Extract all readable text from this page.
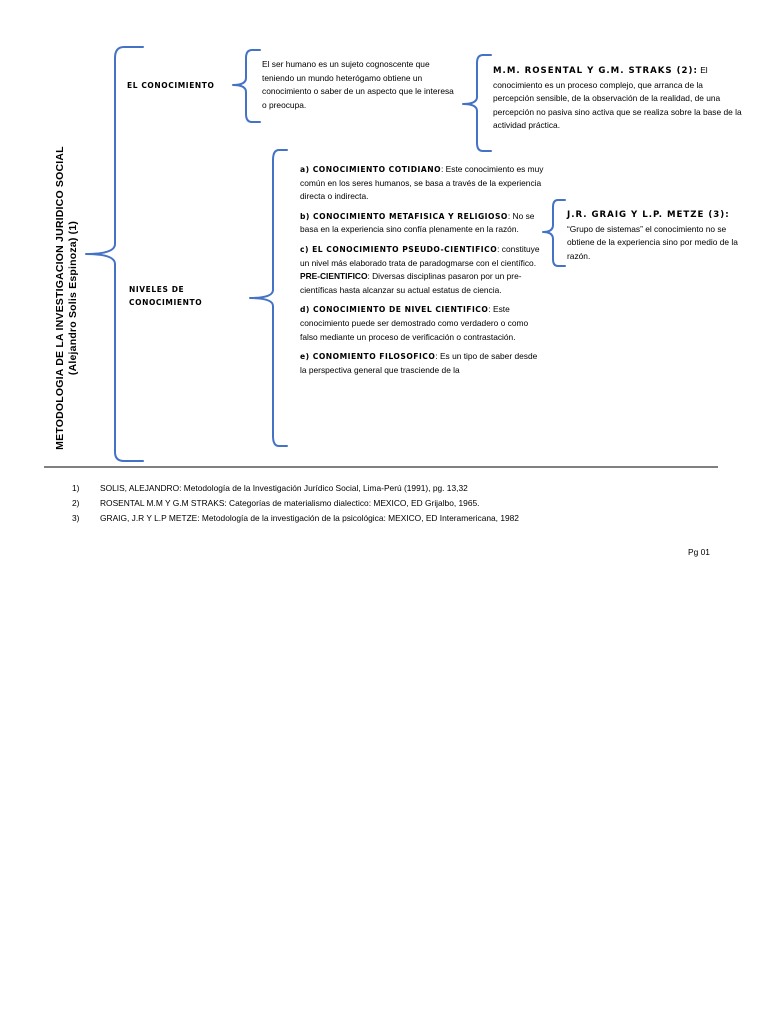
METODOLOGIA DE LA INVESTIGACION JURIDICO SOCIAL (Alejandro Solis Espinoza) (1)
EL CONOCIMIENTO
El ser humano es un sujeto cognoscente que teniendo un mundo heterógamo obtiene un conocimiento o saber de un aspecto que le interesa o preocupa.
M.M. ROSENTAL Y G.M. STRAKS (2): El conocimiento es un proceso complejo, que arranca de la percepción sensible, de la observación de la realidad, de una percepción no pasiva sino activa que se realiza sobre la base de la actividad práctica.
NIVELES DE
CONOCIMIENTO
a) CONOCIMIENTO COTIDIANO: Este conocimiento es muy común en los seres humanos, se basa a través de la experiencia directa o indirecta.
b) CONOCIMIENTO METAFISICA Y RELIGIOSO: No se basa en la experiencia sino confía plenamente en la razón.
c) EL CONOCIMIENTO PSEUDO-CIENTIFICO: constituye un nivel más elaborado trata de paradogmarse con el científico.
PRE-CIENTIFICO: Diversas disciplinas pasaron por un pre-científicas hasta alcanzar su actual estatus de ciencia.
d) CONOCIMIENTO DE NIVEL CIENTIFICO: Este conocimiento puede ser demostrado como verdadero o como falso mediante un proceso de verificación o contrastación.
e) CONOMIENTO FILOSOFICO: Es un tipo de saber desde la perspectiva general que trasciende de la
J.R. GRAIG Y L.P. METZE (3):
“Grupo de sistemas” el conocimiento no se obtiene de la experiencia sino por medio de la razón.
1)	SOLIS, ALEJANDRO: Metodología de la Investigación Jurídico Social, Lima-Perú (1991), pg. 13,32
2)	ROSENTAL M.M Y G.M STRAKS: Categorías de materialismo dialectico: MEXICO, ED Grijalbo, 1965.
3)	GRAIG, J.R Y L.P METZE: Metodología de la investigación de la psicológica: MEXICO, ED Interamericana, 1982
Pg 01
